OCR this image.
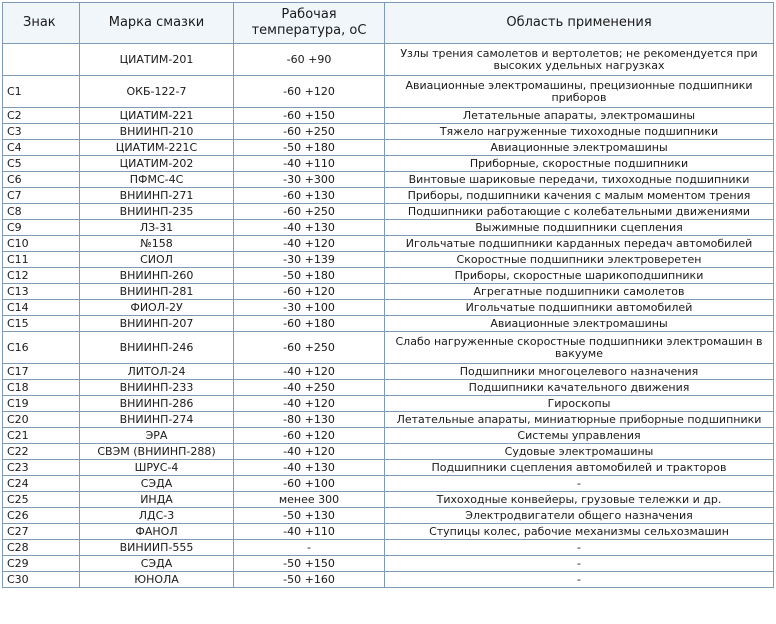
Знак	Марка смазки	Рабочая температура, oC	Область применения
	ЦИАТИМ-201	-60 +90	Узлы трения самолетов и вертолетов; не рекомендуется при высоких удельных нагрузках
C1	ОКБ-122-7	-60 +120	Авиационные электромашины, прецизионные подшипники приборов
C2	ЦИАТИМ-221	-60 +150	Летательные апараты, электромашины
C3	ВНИИНП-210	-60 +250	Тяжело нагруженные тихоходные подшипники
C4	ЦИАТИМ-221С	-50 +180	Авиационные электромашины
C5	ЦИАТИМ-202	-40 +110	Приборные, скоростные подшипники
C6	ПФМС-4С	-30 +300	Винтовые шариковые передачи, тихоходные подшипники
C7	ВНИИНП-271	-60 +130	Приборы, подшипники качения с малым моментом трения
C8	ВНИИНП-235	-60 +250	Подшипники работающие с колебательными движениями
C9	ЛЗ-31	-40 +130	Выжимные подшипники сцепления
C10	№158	-40 +120	Игольчатые подшипники карданных передач автомобилей
C11	СИОЛ	-30 +139	Скоростные подшипники электроверетен
C12	ВНИИНП-260	-50 +180	Приборы, скоростные шарикоподшипники
C13	ВНИИНП-281	-60 +120	Агрегатные подшипники самолетов
C14	ФИОЛ-2У	-30 +100	Игольчатые подшипники автомобилей
C15	ВНИИНП-207	-60 +180	Авиационные электромашины
C16	ВНИИНП-246	-60 +250	Слабо нагруженные скоростные подшипники электромашин в вакууме
C17	ЛИТОЛ-24	-40 +120	Подшипники многоцелевого назначения
C18	ВНИИНП-233	-40 +250	Подшипники качательного движения
C19	ВНИИНП-286	-40 +120	Гироскопы
C20	ВНИИНП-274	-80 +130	Летательные апараты, миниатюрные приборные подшипники
C21	ЭРА	-60 +120	Системы управления
C22	СВЭМ (ВНИИНП-288)	-40 +120	Судовые электромашины
C23	ШРУС-4	-40 +130	Подшипники сцепления автомобилей и тракторов
C24	СЭДА	-60 +100	-
C25	ИНДА	менее 300	Тихоходные конвейеры, грузовые тележки и др.
C26	ЛДС-3	-50 +130	Электродвигатели общего назначения
C27	ФАНОЛ	-40 +110	Ступицы колес, рабочие механизмы сельхозмашин
C28	ВИНИИП-555	-	-
C29	СЭДА	-50 +150	-
C30	ЮНОЛА	-50 +160	-
